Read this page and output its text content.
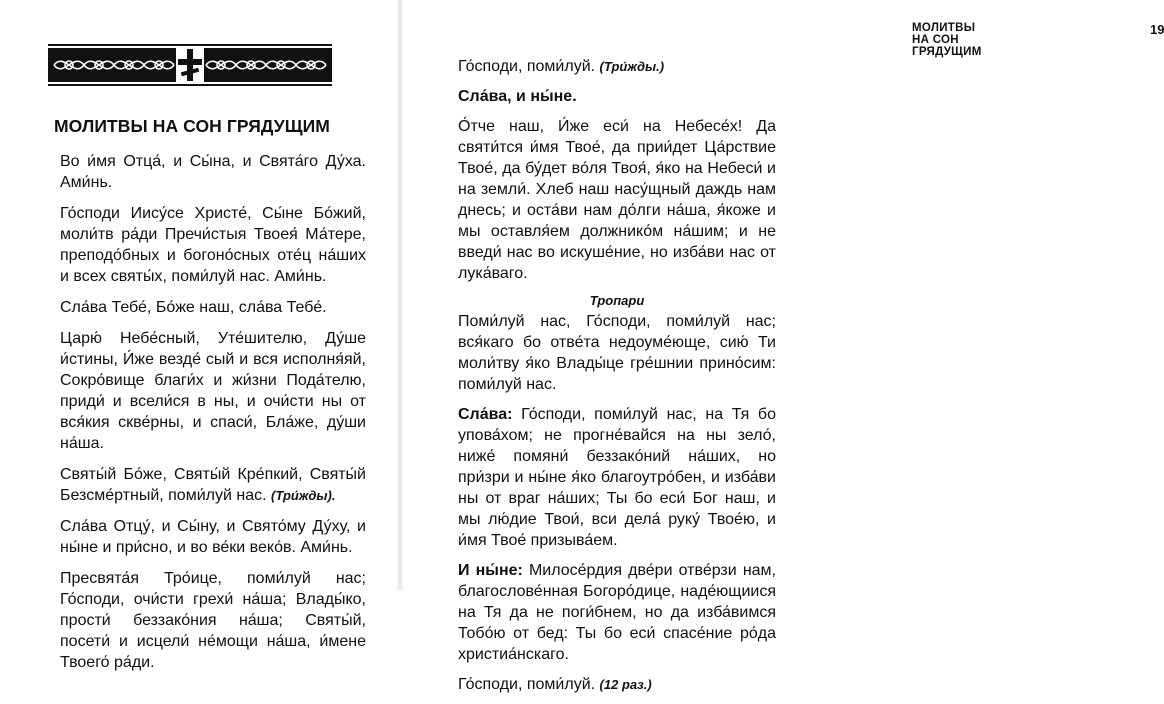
МОЛИТВЫ НА СОН ГРЯДУЩИМ

Во и́мя Отца́, и Сы́на, и Свята́го Ду́ха. Ами́нь.

Го́споди Иису́се Христе́, Сы́не Бо́жий, моли́тв ра́ди Пречи́стыя Твоея́ Ма́тере, преподо́бных и богоно́сных оте́ц на́ших и всех святы́х, поми́луй нас. Ами́нь.

Сла́ва Тебе́, Бо́же наш, сла́ва Тебе́.

Царю́ Небе́сный, Уте́шителю, Ду́ше и́стины, И́же везде́ сый и вся исполня́яй, Сокро́вище благи́х и жи́зни Пода́телю, приди́ и всели́ся в ны, и очи́сти ны от вся́кия скве́рны, и спаси́, Бла́же, ду́ши на́ша.

Святы́й Бо́же, Святы́й Кре́пкий, Святы́й Безсме́ртный, поми́луй нас. (Три́жды).

Сла́ва Отцу́, и Сы́ну, и Свято́му Ду́ху, и ны́не и при́сно, и во ве́ки веко́в. Ами́нь.

Пресвята́я Тро́ице, поми́луй нас; Го́споди, очи́сти грехи́ на́ша; Влады́ко, прости́ беззако́ния на́ша; Святы́й, посети́ и исцели́ не́мощи на́ша, и́мене Твоего́ ра́ди.

МОЛИТВЫ НА СОН ГРЯДУЩИМ
19

Го́споди, поми́луй. (Три́жды.)

Сла́ва, и ны́не.

О́тче наш, И́же еси́ на Небесе́х! Да святи́тся и́мя Твое́, да прии́дет Ца́рствие Твое́, да бу́дет во́ля Твоя́, я́ко на Небеси́ и на земли́. Хлеб наш насу́щный даждь нам днесь; и оста́ви нам до́лги на́ша, я́коже и мы оставля́ем должнико́м на́шим; и не введи́ нас во искуше́ние, но изба́ви нас от лука́ваго.

Тропари

Поми́луй нас, Го́споди, поми́луй нас; вся́каго бо отве́та недоуме́юще, сию́ Ти моли́тву я́ко Влады́це гре́шнии прино́сим: поми́луй нас.

Сла́ва: Го́споди, поми́луй нас, на Тя бо упова́хом; не прогне́вайся на ны зело́, ниже́ помяни́ беззако́ний на́ших, но при́зри и ны́не я́ко благоутро́бен, и изба́ви ны от враг на́ших; Ты бо еси́ Бог наш, и мы лю́дие Твои́, вси дела́ руку́ Твое́ю, и и́мя Твое́ призыва́ем.

И ны́не: Милосе́рдия две́ри отве́рзи нам, благослове́нная Богоро́дице, наде́ющиися на Тя да не поги́бнем, но да изба́вимся Тобо́ю от бед: Ты бо еси́ спасе́ние ро́да христиа́нскаго.

Го́споди, поми́луй. (12 раз.)
